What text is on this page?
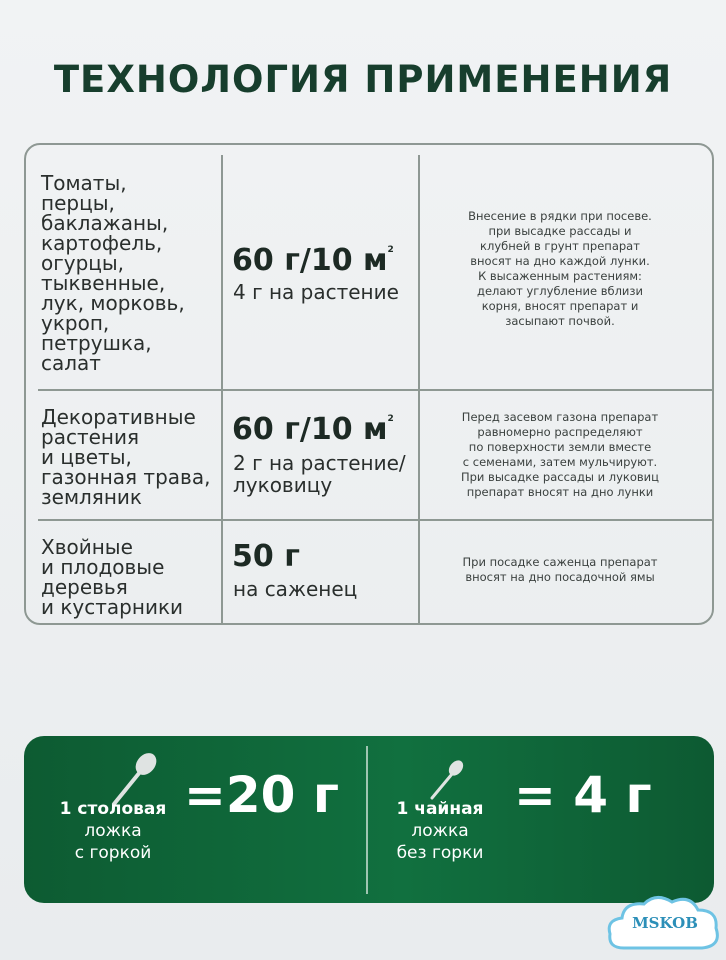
ТЕХНОЛОГИЯ ПРИМЕНЕНИЯ
Томаты,
перцы,
баклажаны,
картофель,
огурцы,
тыквенные,
лук, морковь,
укроп,
петрушка,
салат
60 г/10 $м^2$
4 г на растение
Внесение в рядки при посеве.
при высадке рассады и
клубней в грунт препарат
вносят на дно каждой лунки.
К высаженным растениям:
делают углубление вблизи
корня, вносят препарат и
засыпают почвой.
Декоративные
растения
и цветы,
газонная трава,
земляник
60 г/10 $м^2$
2 г на растение/
луковицу
Перед засевом газона препарат
равномерно распределяют
по поверхности земли вместе
с семенами, затем мульчируют.
При высадке рассады и луковиц
препарат вносят на дно лунки
Хвойные
и плодовые
деревья
и кустарники
50 г
на саженец
При посадке саженца препарат
вносят на дно посадочной ямы
1 столовая
ложка
с горкой
=20 г	1 чайная
ложка
без горки
= 4 г
MSKOB
